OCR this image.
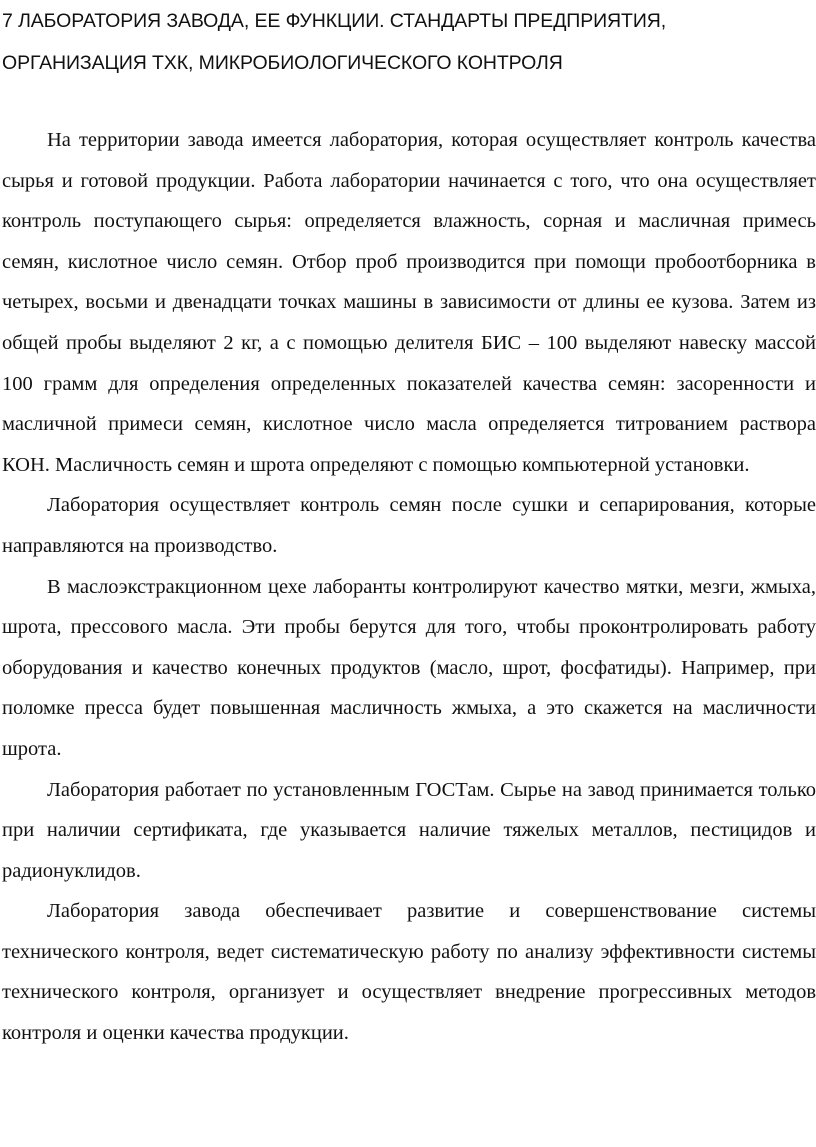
7 ЛАБОРАТОРИЯ ЗАВОДА, ЕЕ ФУНКЦИИ. СТАНДАРТЫ ПРЕДПРИЯТИЯ,
ОРГАНИЗАЦИЯ ТХК, МИКРОБИОЛОГИЧЕСКОГО КОНТРОЛЯ

На территории завода имеется лаборатория, которая осуществляет контроль качества сырья и готовой продукции. Работа лаборатории начинается с того, что она осуществляет контроль поступающего сырья: определяется влажность, сорная и масличная примесь семян, кислотное число семян. Отбор проб производится при помощи пробоотборника в четырех, восьми и двенадцати точках машины в зависимости от длины ее кузова. Затем из общей пробы выделяют 2 кг, а с помощью делителя БИС – 100 выделяют навеску массой 100 грамм для определения определенных показателей качества семян: засоренности и масличной примеси семян, кислотное число масла определяется титрованием раствора КОН. Масличность семян и шрота определяют с помощью компьютерной установки.

Лаборатория осуществляет контроль семян после сушки и сепарирования, которые направляются на производство.

В маслоэкстракционном цехе лаборанты контролируют качество мятки, мезги, жмыха, шрота, прессового масла. Эти пробы берутся для того, чтобы проконтролировать работу оборудования и качество конечных продуктов (масло, шрот, фосфатиды). Например, при поломке пресса будет повышенная масличность жмыха, а это скажется на масличности шрота.

Лаборатория работает по установленным ГОСТам. Сырье на завод принимается только при наличии сертификата, где указывается наличие тяжелых металлов, пестицидов и радионуклидов.

Лаборатория завода обеспечивает развитие и совершенствование системы технического контроля, ведет систематическую работу по анализу эффективности системы технического контроля, организует и осуществляет внедрение прогрессивных методов контроля и оценки качества продукции.
